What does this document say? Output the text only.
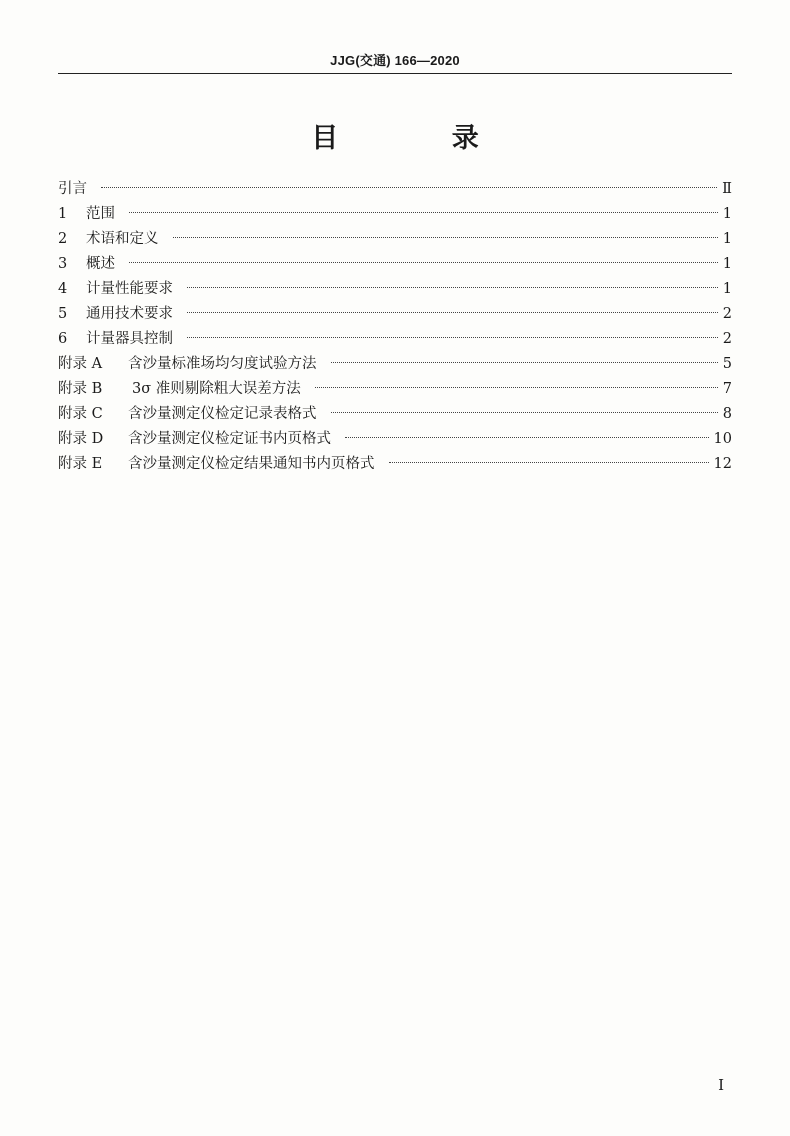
JJG(交通) 166—2020
目 录
引言	Ⅱ
1	范围	1
2	术语和定义	1
3	概述	1
4	计量性能要求	1
5	通用技术要求	2
6	计量器具控制	2
附录 A	含沙量标准场均匀度试验方法	5
附录 B	3σ 准则剔除粗大误差方法	7
附录 C	含沙量测定仪检定记录表格式	8
附录 D	含沙量测定仪检定证书内页格式	10
附录 E	含沙量测定仪检定结果通知书内页格式	12
I
